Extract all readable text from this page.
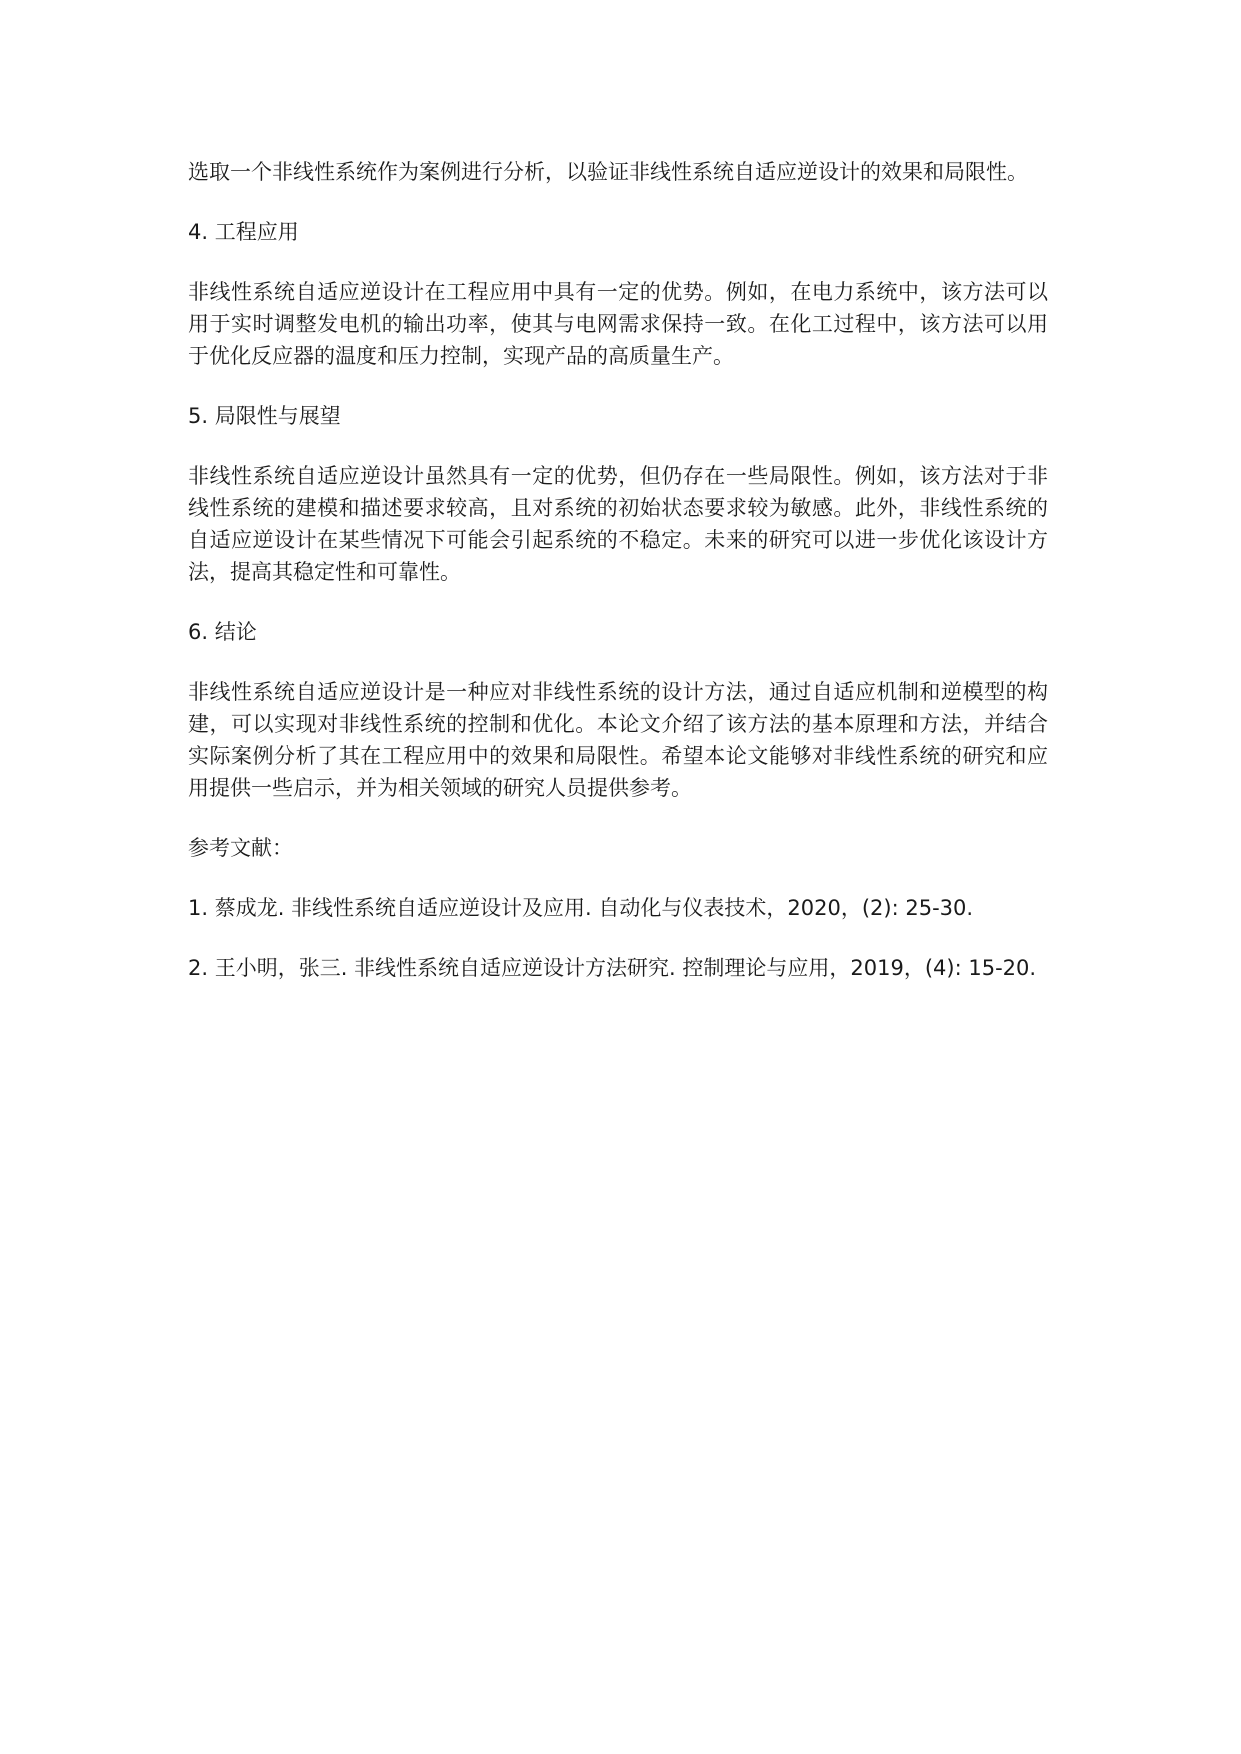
选取一个非线性系统作为案例进行分析，以验证非线性系统自适应逆设计的效果和局限性。

4. 工程应用

非线性系统自适应逆设计在工程应用中具有一定的优势。例如，在电力系统中，该方法可以用于实时调整发电机的输出功率，使其与电网需求保持一致。在化工过程中，该方法可以用于优化反应器的温度和压力控制，实现产品的高质量生产。

5. 局限性与展望

非线性系统自适应逆设计虽然具有一定的优势，但仍存在一些局限性。例如，该方法对于非线性系统的建模和描述要求较高，且对系统的初始状态要求较为敏感。此外，非线性系统的自适应逆设计在某些情况下可能会引起系统的不稳定。未来的研究可以进一步优化该设计方法，提高其稳定性和可靠性。

6. 结论

非线性系统自适应逆设计是一种应对非线性系统的设计方法，通过自适应机制和逆模型的构建，可以实现对非线性系统的控制和优化。本论文介绍了该方法的基本原理和方法，并结合实际案例分析了其在工程应用中的效果和局限性。希望本论文能够对非线性系统的研究和应用提供一些启示，并为相关领域的研究人员提供参考。

参考文献：

1. 蔡成龙. 非线性系统自适应逆设计及应用. 自动化与仪表技术，2020，(2): 25-30.

2. 王小明，张三. 非线性系统自适应逆设计方法研究. 控制理论与应用，2019，(4): 15-20.
